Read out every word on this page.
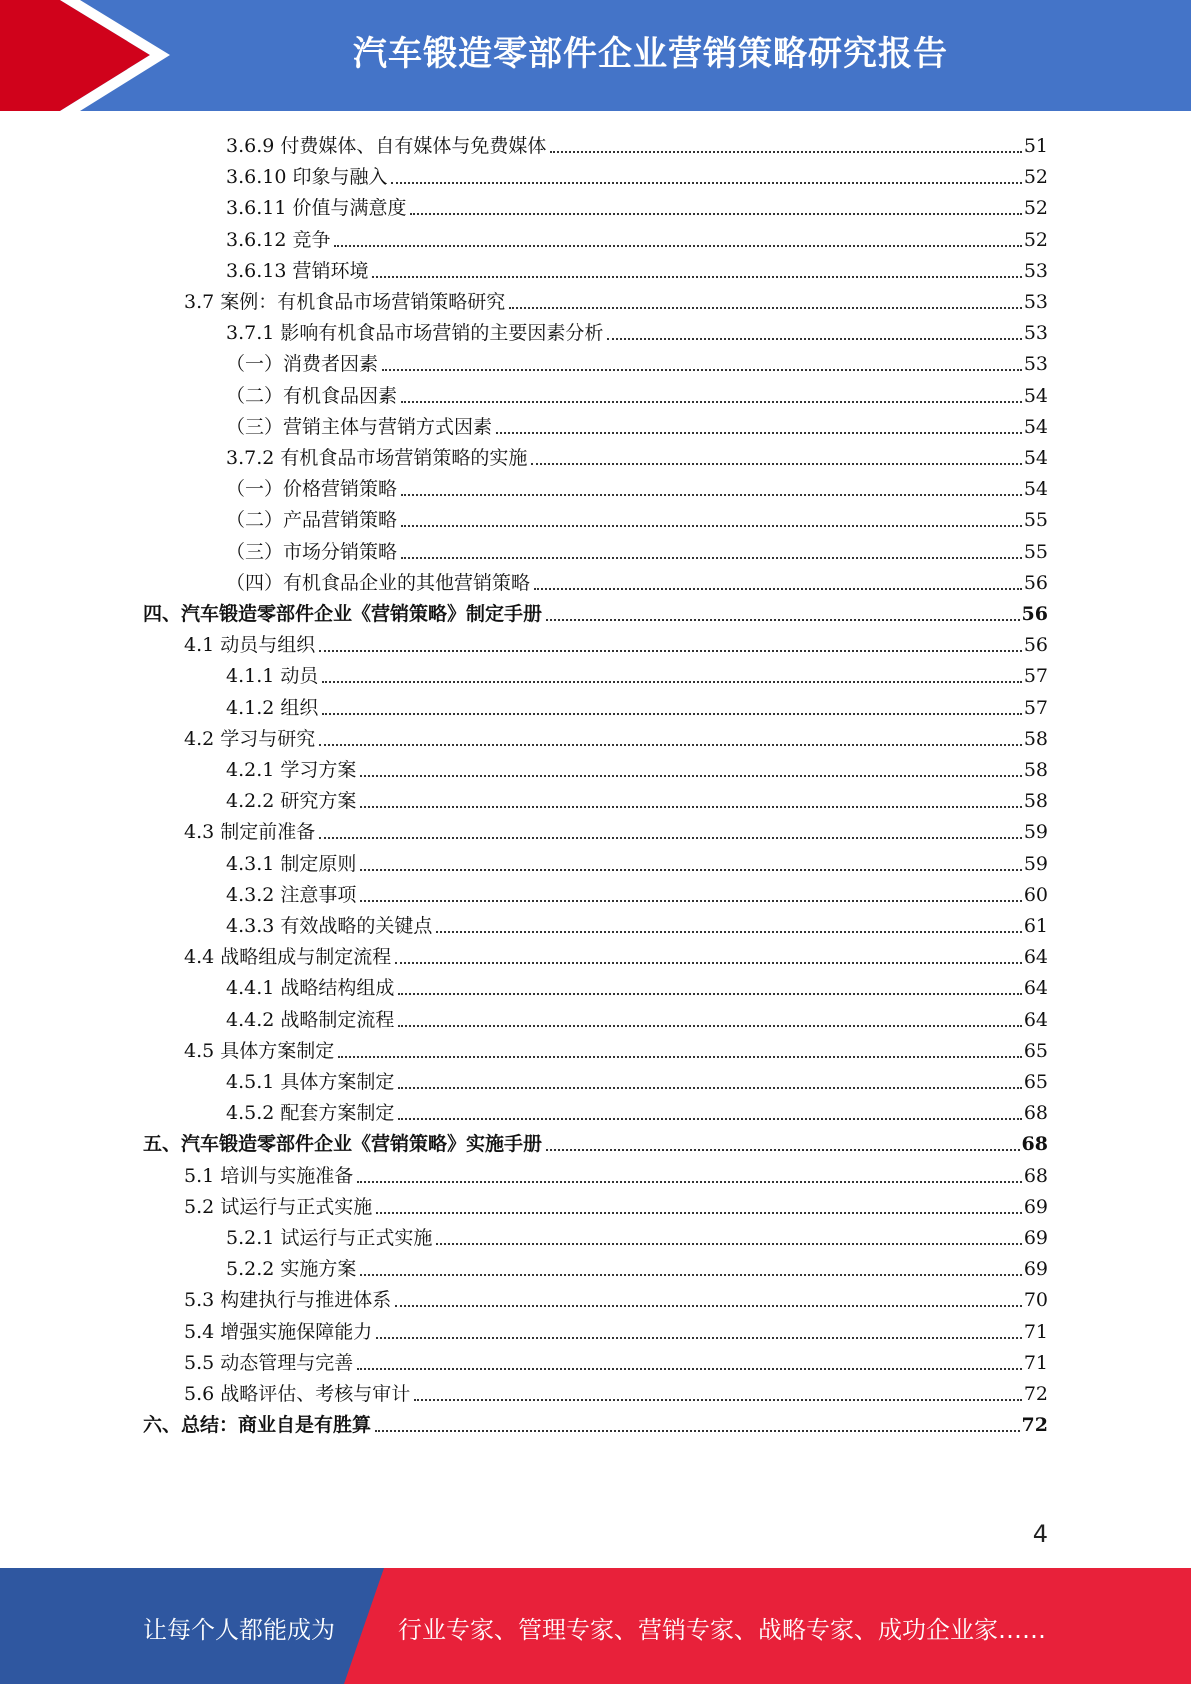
汽车锻造零部件企业营销策略研究报告
3.6.9 付费媒体、自有媒体与免费媒体	51
3.6.10 印象与融入	52
3.6.11 价值与满意度	52
3.6.12 竞争	52
3.6.13 营销环境	53
3.7 案例：有机食品市场营销策略研究	53
3.7.1 影响有机食品市场营销的主要因素分析	53
（一）消费者因素	53
（二）有机食品因素	54
（三）营销主体与营销方式因素	54
3.7.2 有机食品市场营销策略的实施	54
（一）价格营销策略	54
（二）产品营销策略	55
（三）市场分销策略	55
（四）有机食品企业的其他营销策略	56
四、汽车锻造零部件企业《营销策略》制定手册	56
4.1 动员与组织	56
4.1.1 动员	57
4.1.2 组织	57
4.2 学习与研究	58
4.2.1 学习方案	58
4.2.2 研究方案	58
4.3 制定前准备	59
4.3.1 制定原则	59
4.3.2 注意事项	60
4.3.3 有效战略的关键点	61
4.4 战略组成与制定流程	64
4.4.1 战略结构组成	64
4.4.2 战略制定流程	64
4.5 具体方案制定	65
4.5.1 具体方案制定	65
4.5.2 配套方案制定	68
五、汽车锻造零部件企业《营销策略》实施手册	68
5.1 培训与实施准备	68
5.2 试运行与正式实施	69
5.2.1 试运行与正式实施	69
5.2.2 实施方案	69
5.3 构建执行与推进体系	70
5.4 增强实施保障能力	71
5.5 动态管理与完善	71
5.6 战略评估、考核与审计	72
六、总结：商业自是有胜算	72
4
让每个人都能成为	行业专家、管理专家、营销专家、战略专家、成功企业家……
